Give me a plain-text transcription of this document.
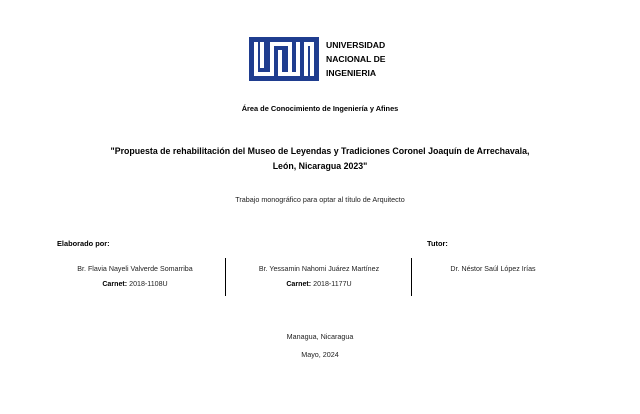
UNIVERSIDAD
NACIONAL DE
INGENIERIA
Área de Conocimiento de Ingeniería y Afines
"Propuesta de rehabilitación del Museo de Leyendas y Tradiciones Coronel Joaquín de Arrechavala,
León, Nicaragua 2023"
Trabajo monográfico para optar al título de Arquitecto
Elaborado por:	Tutor:
Br. Flavia Nayeli Valverde Somarriba
Carnet: 2018-1108U
Br. Yessamin Nahomi Juárez Martínez
Carnet: 2018-1177U
Dr. Néstor Saúl López Irías
Managua, Nicaragua
Mayo, 2024
